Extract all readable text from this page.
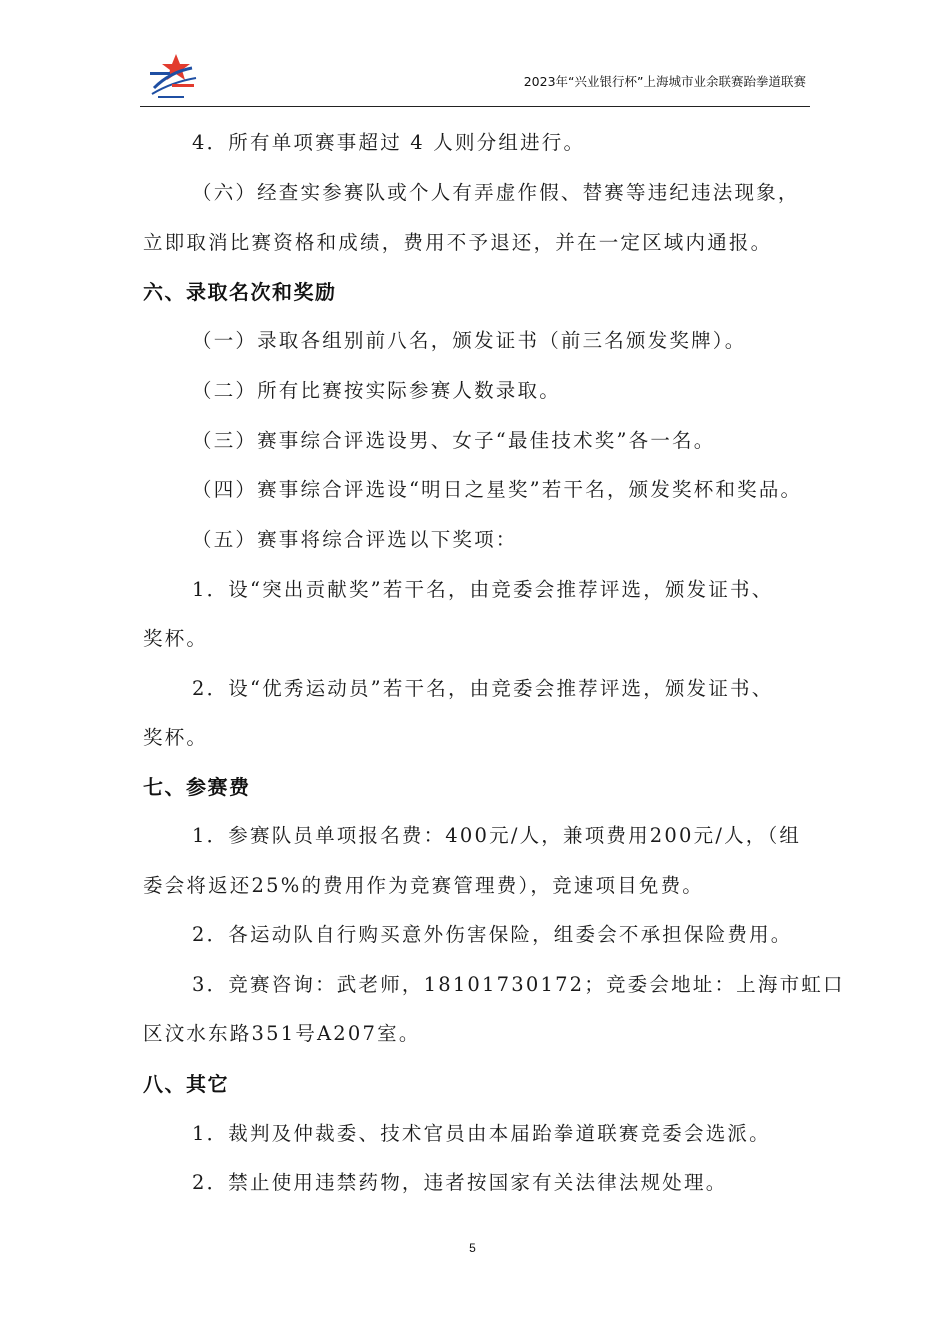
2023年“兴业银行杯”上海城市业余联赛跆拳道联赛
4．所有单项赛事超过 4 人则分组进行。
（六）经查实参赛队或个人有弄虚作假、替赛等违纪违法现象，
立即取消比赛资格和成绩，费用不予退还，并在一定区域内通报。
六、录取名次和奖励
（一）录取各组别前八名，颁发证书（前三名颁发奖牌）。
（二）所有比赛按实际参赛人数录取。
（三）赛事综合评选设男、女子“最佳技术奖”各一名。
（四）赛事综合评选设“明日之星奖”若干名，颁发奖杯和奖品。
（五）赛事将综合评选以下奖项：
1．设“突出贡献奖”若干名，由竞委会推荐评选，颁发证书、
奖杯。
2．设“优秀运动员”若干名，由竞委会推荐评选，颁发证书、
奖杯。
七、参赛费
1．参赛队员单项报名费：400元/人，兼项费用200元/人，（组
委会将返还25%的费用作为竞赛管理费），竞速项目免费。
2．各运动队自行购买意外伤害保险，组委会不承担保险费用。
3．竞赛咨询：武老师，18101730172；竞委会地址：上海市虹口
区汶水东路351号A207室。
八、其它
1．裁判及仲裁委、技术官员由本届跆拳道联赛竞委会选派。
2．禁止使用违禁药物，违者按国家有关法律法规处理。
5
